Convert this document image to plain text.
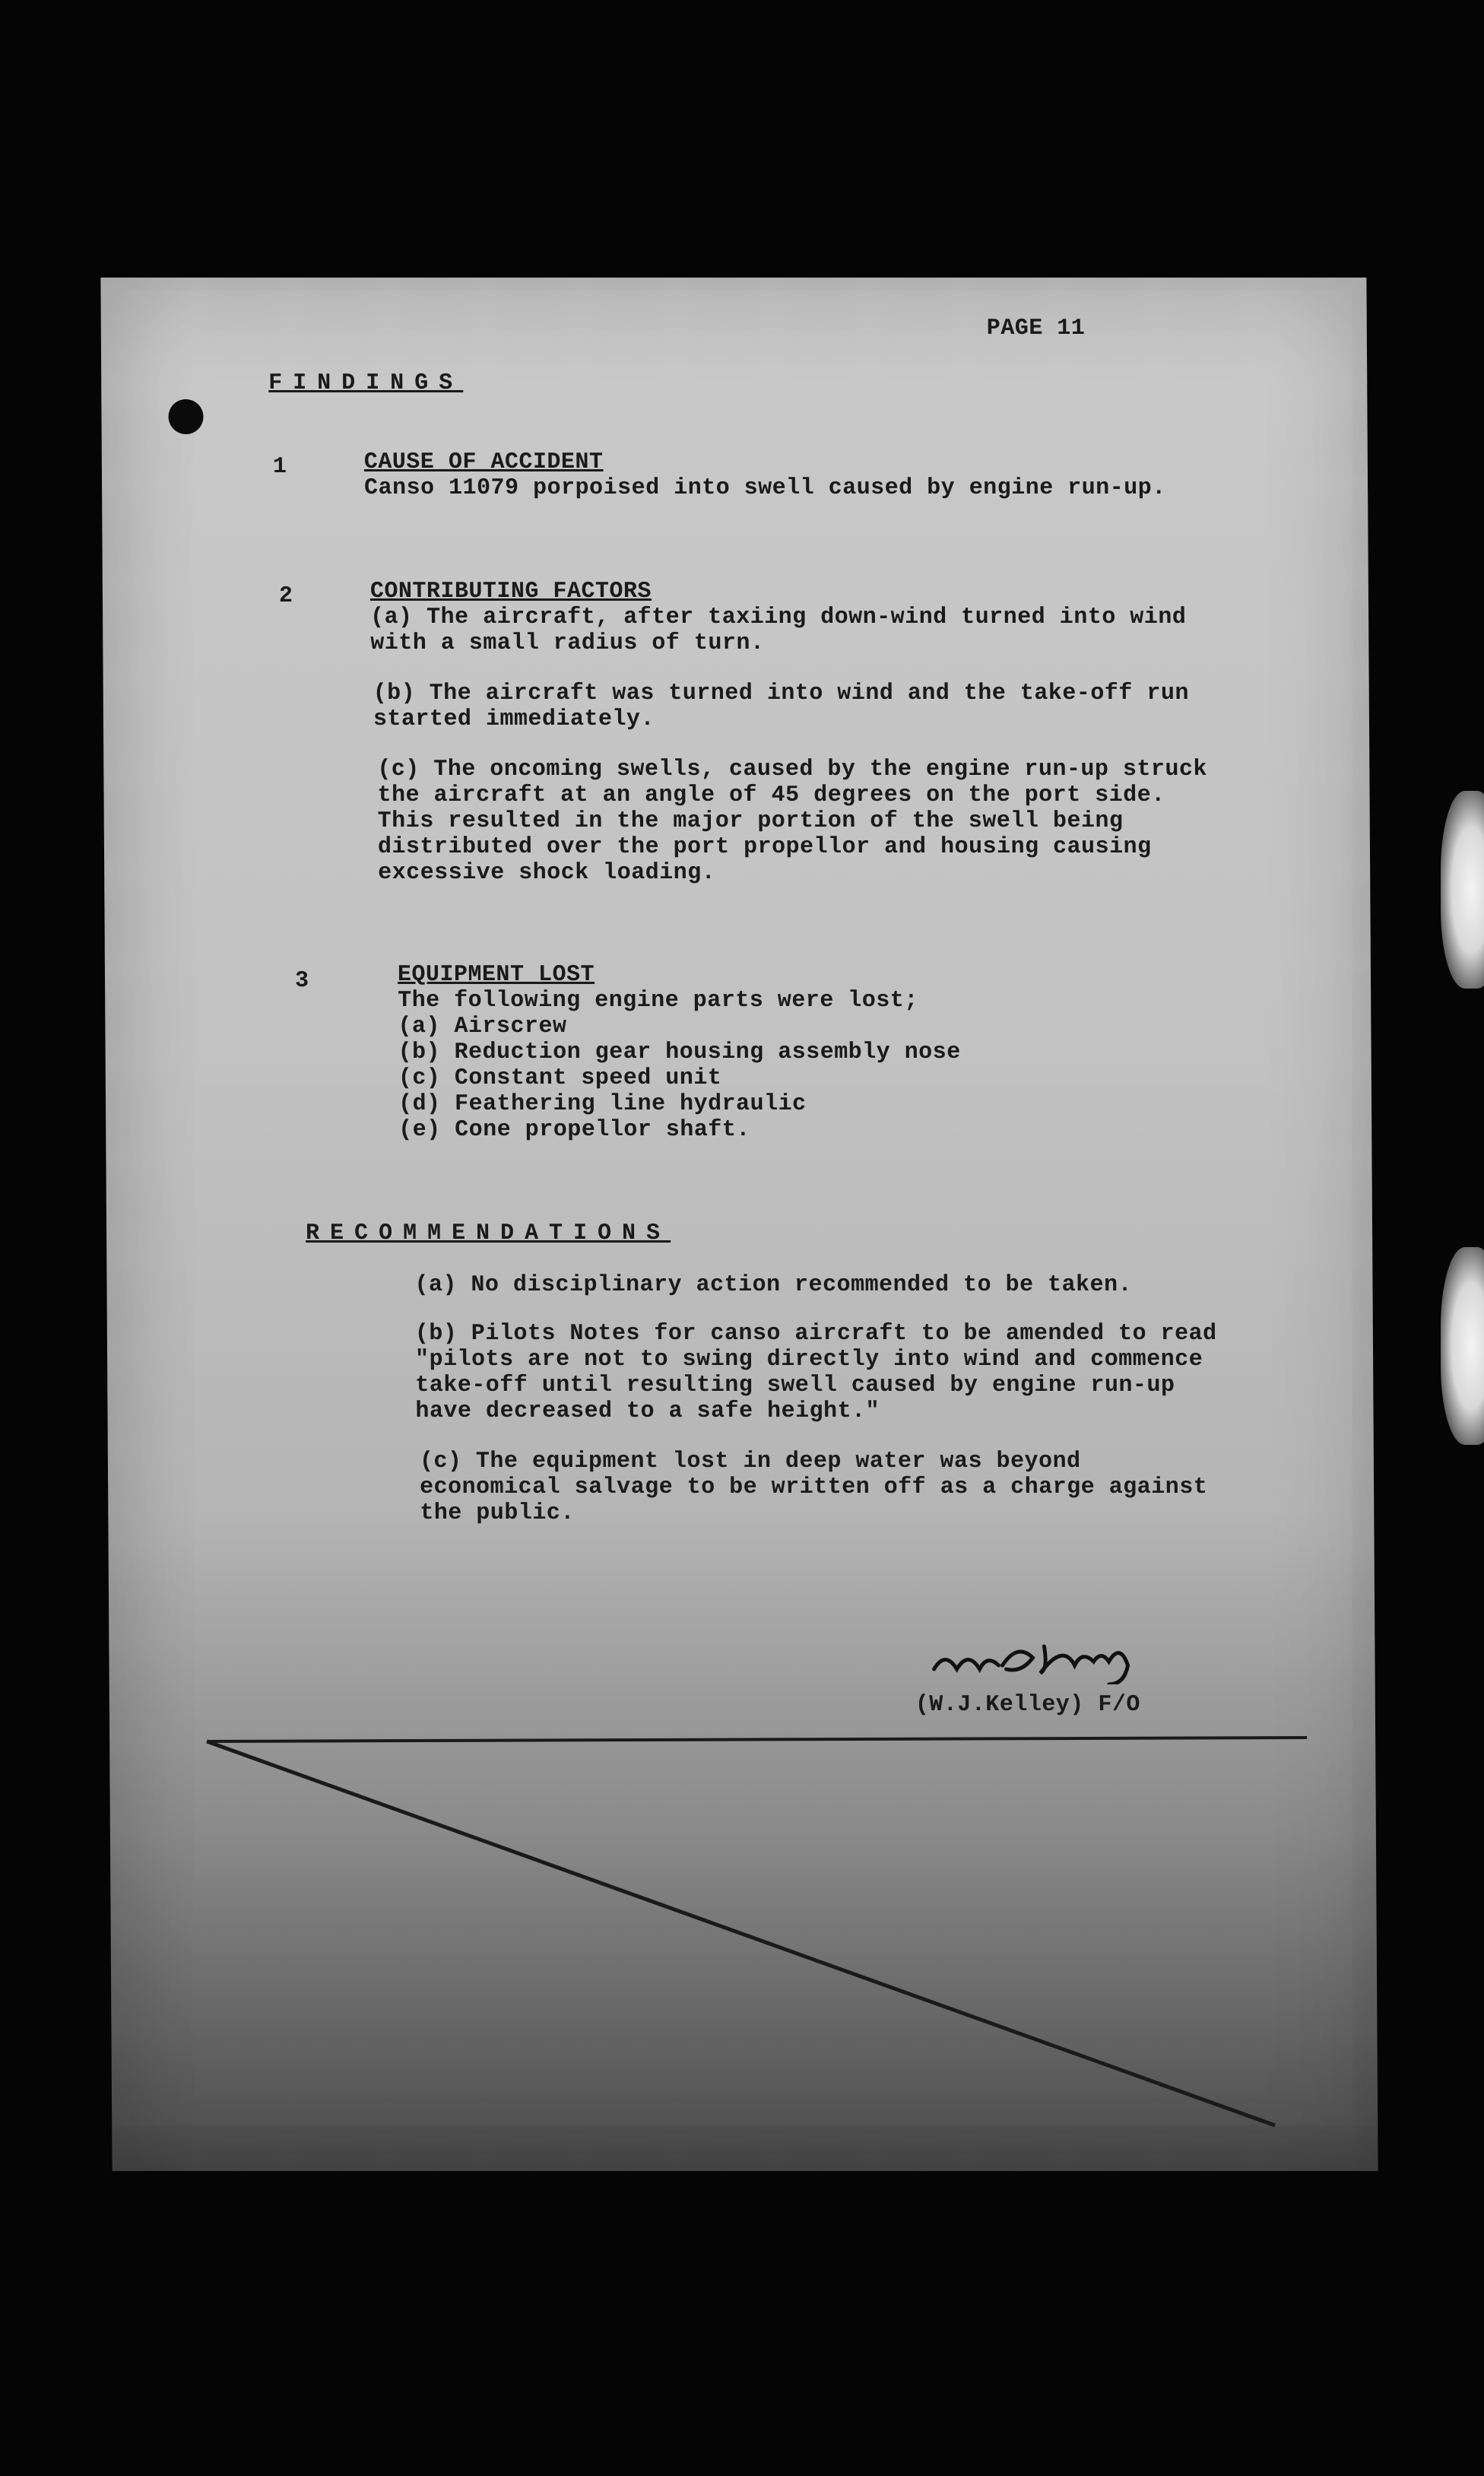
PAGE 11
FINDINGS
1	CAUSE OF ACCIDENT
Canso 11079 porpoised into swell caused by engine run-up.
2	CONTRIBUTING FACTORS
(a) The aircraft, after taxiing down-wind turned into wind
with a small radius of turn.
(b) The aircraft was turned into wind and the take-off run
started immediately.
(c) The oncoming swells, caused by the engine run-up struck
the aircraft at an angle of 45 degrees on the port side.
This resulted in the major portion of the swell being
distributed over the port propellor and housing causing
excessive shock loading.
3	EQUIPMENT LOST
The following engine parts were lost;
(a) Airscrew
(b) Reduction gear housing assembly nose
(c) Constant speed unit
(d) Feathering line hydraulic
(e) Cone propellor shaft.
RECOMMENDATIONS
(a) No disciplinary action recommended to be taken.
(b) Pilots Notes for canso aircraft to be amended to read
"pilots are not to swing directly into wind and commence
take-off until resulting swell caused by engine run-up
have decreased to a safe height."
(c) The equipment lost in deep water was beyond
economical salvage to be written off as a charge against
the public.
(W.J.Kelley) F/O
